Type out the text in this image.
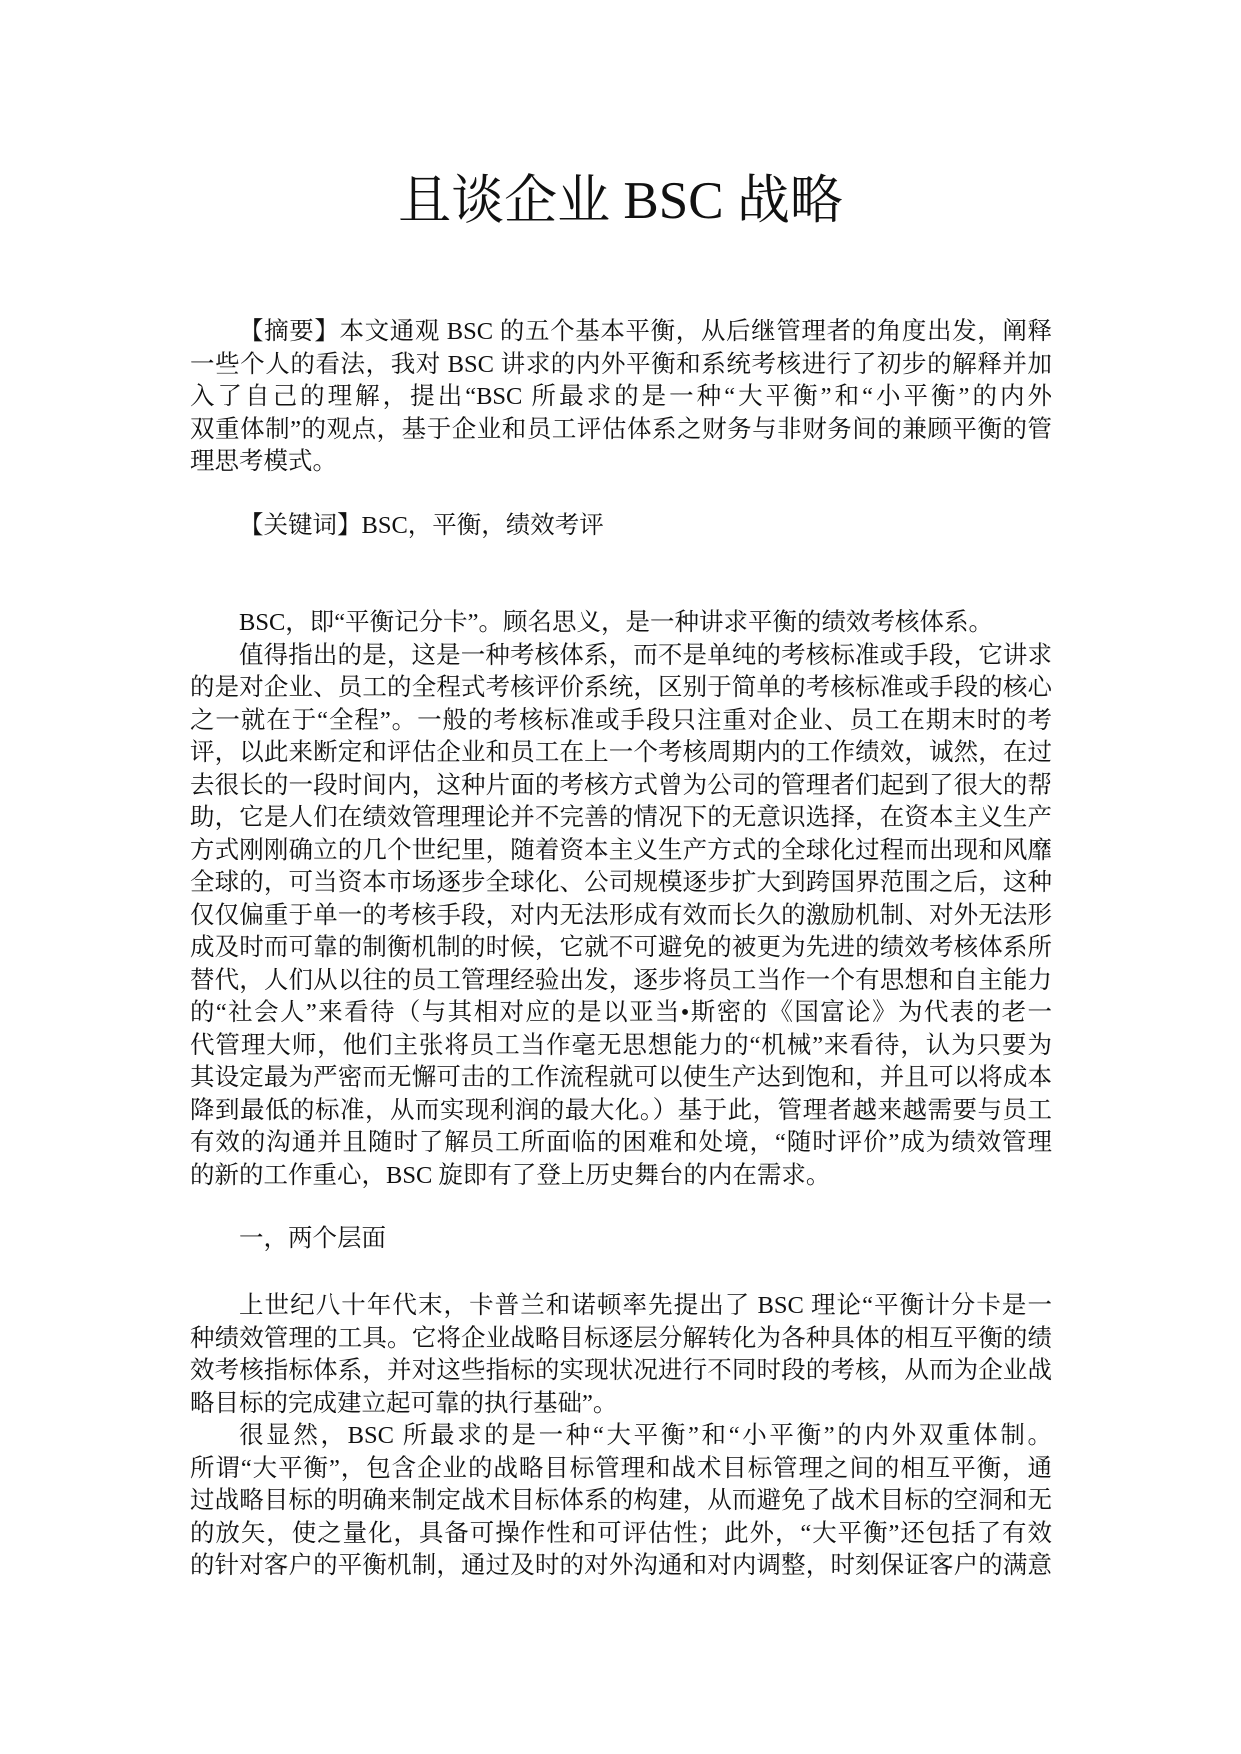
且谈企业 BSC 战略
【摘要】本文通观 BSC 的五个基本平衡，从后继管理者的角度出发，阐释
一些个人的看法，我对 BSC 讲求的内外平衡和系统考核进行了初步的解释并加
入了自己的理解，提出“BSC 所最求的是一种“大平衡”和“小平衡”的内外
双重体制”的观点，基于企业和员工评估体系之财务与非财务间的兼顾平衡的管
理思考模式。
【关键词】BSC，平衡，绩效考评
BSC，即“平衡记分卡”。顾名思义，是一种讲求平衡的绩效考核体系。
值得指出的是，这是一种考核体系，而不是单纯的考核标准或手段，它讲求
的是对企业、员工的全程式考核评价系统，区别于简单的考核标准或手段的核心
之一就在于“全程”。一般的考核标准或手段只注重对企业、员工在期末时的考
评，以此来断定和评估企业和员工在上一个考核周期内的工作绩效，诚然，在过
去很长的一段时间内，这种片面的考核方式曾为公司的管理者们起到了很大的帮
助，它是人们在绩效管理理论并不完善的情况下的无意识选择，在资本主义生产
方式刚刚确立的几个世纪里，随着资本主义生产方式的全球化过程而出现和风靡
全球的，可当资本市场逐步全球化、公司规模逐步扩大到跨国界范围之后，这种
仅仅偏重于单一的考核手段，对内无法形成有效而长久的激励机制、对外无法形
成及时而可靠的制衡机制的时候，它就不可避免的被更为先进的绩效考核体系所
替代，人们从以往的员工管理经验出发，逐步将员工当作一个有思想和自主能力
的“社会人”来看待（与其相对应的是以亚当•斯密的《国富论》为代表的老一
代管理大师，他们主张将员工当作毫无思想能力的“机械”来看待，认为只要为
其设定最为严密而无懈可击的工作流程就可以使生产达到饱和，并且可以将成本
降到最低的标准，从而实现利润的最大化。）基于此，管理者越来越需要与员工
有效的沟通并且随时了解员工所面临的困难和处境，“随时评价”成为绩效管理
的新的工作重心，BSC 旋即有了登上历史舞台的内在需求。
一，两个层面
上世纪八十年代末，卡普兰和诺顿率先提出了 BSC 理论“平衡计分卡是一
种绩效管理的工具。它将企业战略目标逐层分解转化为各种具体的相互平衡的绩
效考核指标体系，并对这些指标的实现状况进行不同时段的考核，从而为企业战
略目标的完成建立起可靠的执行基础”。
很显然，BSC 所最求的是一种“大平衡”和“小平衡”的内外双重体制。
所谓“大平衡”，包含企业的战略目标管理和战术目标管理之间的相互平衡，通
过战略目标的明确来制定战术目标体系的构建，从而避免了战术目标的空洞和无
的放矢，使之量化，具备可操作性和可评估性；此外，“大平衡”还包括了有效
的针对客户的平衡机制，通过及时的对外沟通和对内调整，时刻保证客户的满意
